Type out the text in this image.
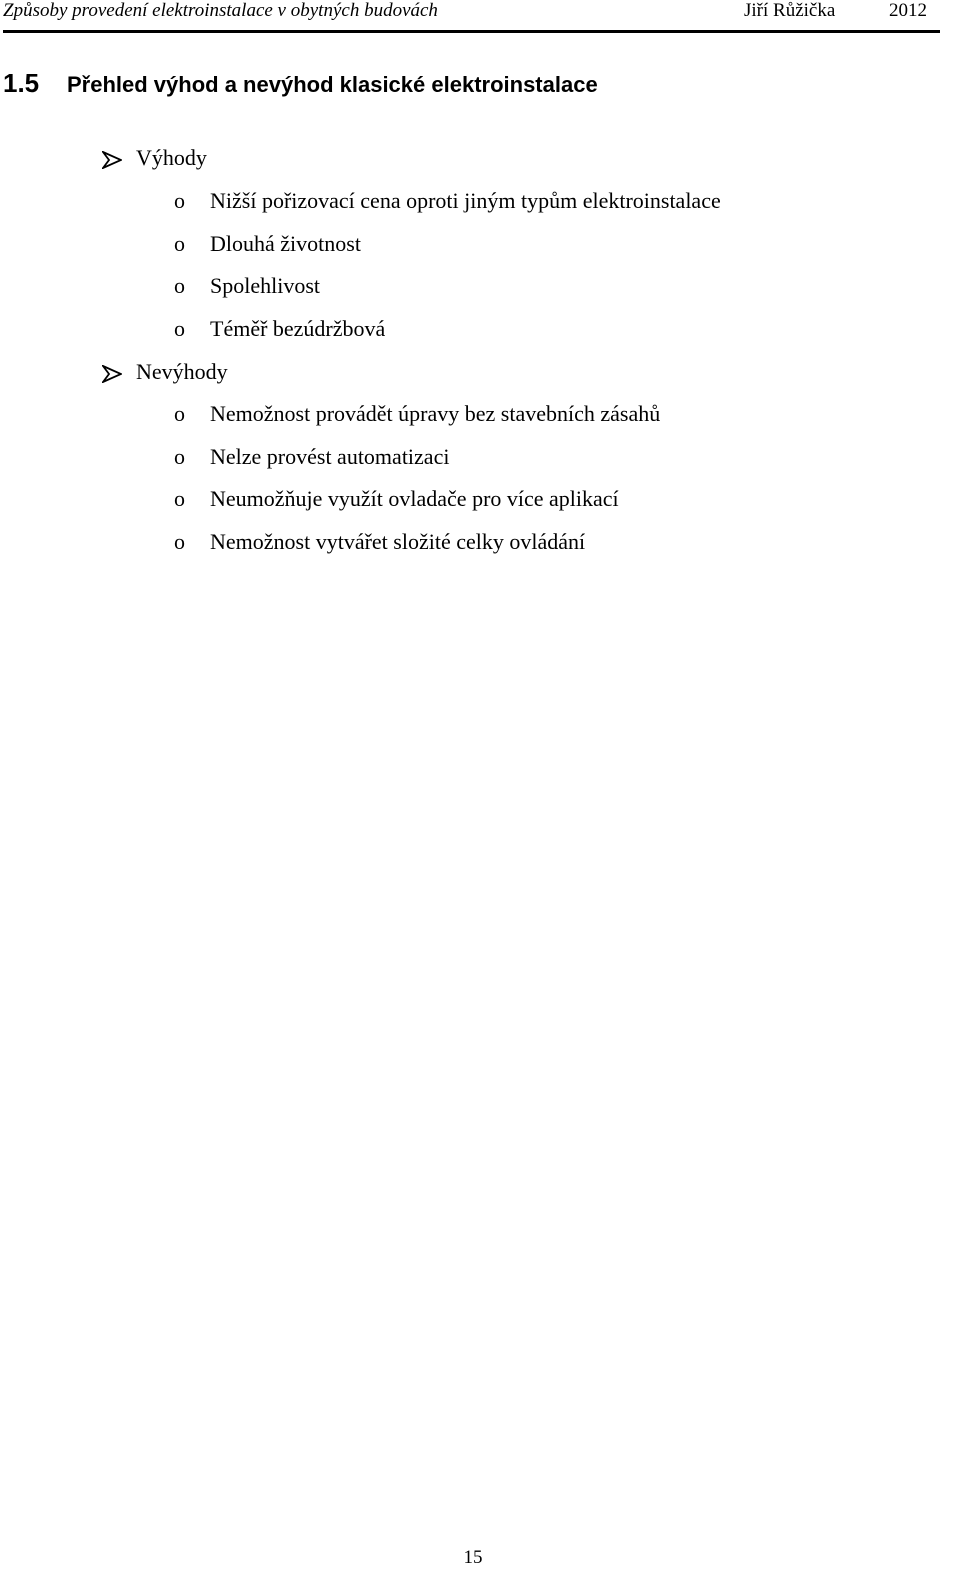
Způsoby provedení elektroinstalace v obytných budovách	Jiří Růžička	2012
1.5 Přehled výhod a nevýhod klasické elektroinstalace
Výhody
o Nižší pořizovací cena oproti jiným typům elektroinstalace
o Dlouhá životnost
o Spolehlivost
o Téměř bezúdržbová
Nevýhody
o Nemožnost provádět úpravy bez stavebních zásahů
o Nelze provést automatizaci
o Neumožňuje využít ovladače pro více aplikací
o Nemožnost vytvářet složité celky ovládání
15
